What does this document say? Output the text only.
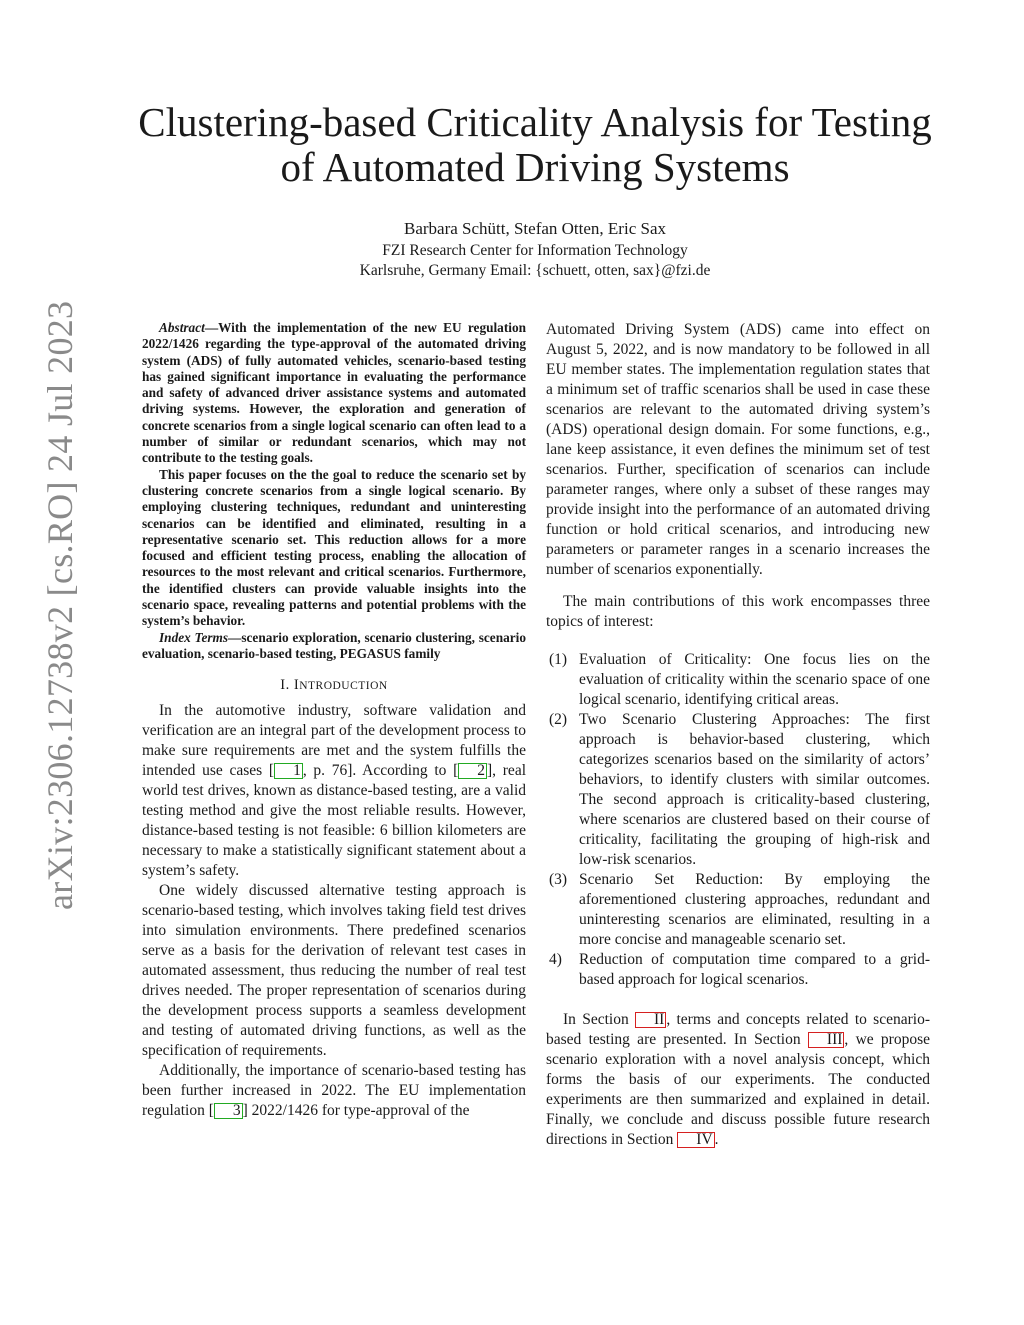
arXiv:2306.12738v2 [cs.RO] 24 Jul 2023
Clustering-based Criticality Analysis for Testing
of Automated Driving Systems
Barbara Schütt, Stefan Otten, Eric Sax
FZI Research Center for Information Technology
Karlsruhe, Germany Email: {schuett, otten, sax}@fzi.de

Abstract—With the implementation of the new EU regulation 2022/1426 regarding the type-approval of the automated driving system (ADS) of fully automated vehicles, scenario-based testing has gained significant importance in evaluating the performance and safety of advanced driver assistance systems and automated driving systems. However, the exploration and generation of concrete scenarios from a single logical scenario can often lead to a number of similar or redundant scenarios, which may not contribute to the testing goals.

This paper focuses on the the goal to reduce the scenario set by clustering concrete scenarios from a single logical scenario. By employing clustering techniques, redundant and uninteresting scenarios can be identified and eliminated, resulting in a representative scenario set. This reduction allows for a more focused and efficient testing process, enabling the allocation of resources to the most relevant and critical scenarios. Furthermore, the identified clusters can provide valuable insights into the scenario space, revealing patterns and potential problems with the system’s behavior.

Index Terms—scenario exploration, scenario clustering, scenario evaluation, scenario-based testing, PEGASUS family

I. INTRODUCTION

In the automotive industry, software validation and verification are an integral part of the development process to make sure requirements are met and the system fulfills the intended use cases [ 1 , p. 76]. According to [ 2 ], real world test drives, known as distance-based testing, are a valid testing method and give the most reliable results. However, distance-based testing is not feasible: 6 billion kilometers are necessary to make a statistically significant statement about a system’s safety.

One widely discussed alternative testing approach is scenario-based testing, which involves taking field test drives into simulation environments. There predefined scenarios serve as a basis for the derivation of relevant test cases in automated assessment, thus reducing the number of real test drives needed. The proper representation of scenarios during the development process supports a seamless development and testing of automated driving functions, as well as the specification of requirements.

Additionally, the importance of scenario-based testing has been further increased in 2022. The EU implementation regulation [ 3 ] 2022/1426 for type-approval of the

Automated Driving System (ADS) came into effect on August 5, 2022, and is now mandatory to be followed in all EU member states. The implementation regulation states that a minimum set of traffic scenarios shall be used in case these scenarios are relevant to the automated driving system’s (ADS) operational design domain. For some functions, e.g., lane keep assistance, it even defines the minimum set of test scenarios. Further, specification of scenarios can include parameter ranges, where only a subset of these ranges may provide insight into the performance of an automated driving function or hold critical scenarios, and introducing new parameters or parameter ranges in a scenario increases the number of scenarios exponentially.

The main contributions of this work encompasses three topics of interest:

(1) Evaluation of Criticality: One focus lies on the evaluation of criticality within the scenario space of one logical scenario, identifying critical areas.
(2) Two Scenario Clustering Approaches: The first approach is behavior-based clustering, which categorizes scenarios based on the similarity of actors’ behaviors, to identify clusters with similar outcomes. The second approach is criticality-based clustering, where scenarios are clustered based on their course of criticality, facilitating the grouping of high-risk and low-risk scenarios.
(3) Scenario Set Reduction: By employing the aforementioned clustering approaches, redundant and uninteresting scenarios are eliminated, resulting in a more concise and manageable scenario set.
4) Reduction of computation time compared to a grid-based approach for logical scenarios.

In Section II , terms and concepts related to scenario-based testing are presented. In Section III , we propose scenario exploration with a novel analysis concept, which forms the basis of our experiments. The conducted experiments are then summarized and explained in detail. Finally, we conclude and discuss possible future research directions in Section IV .
